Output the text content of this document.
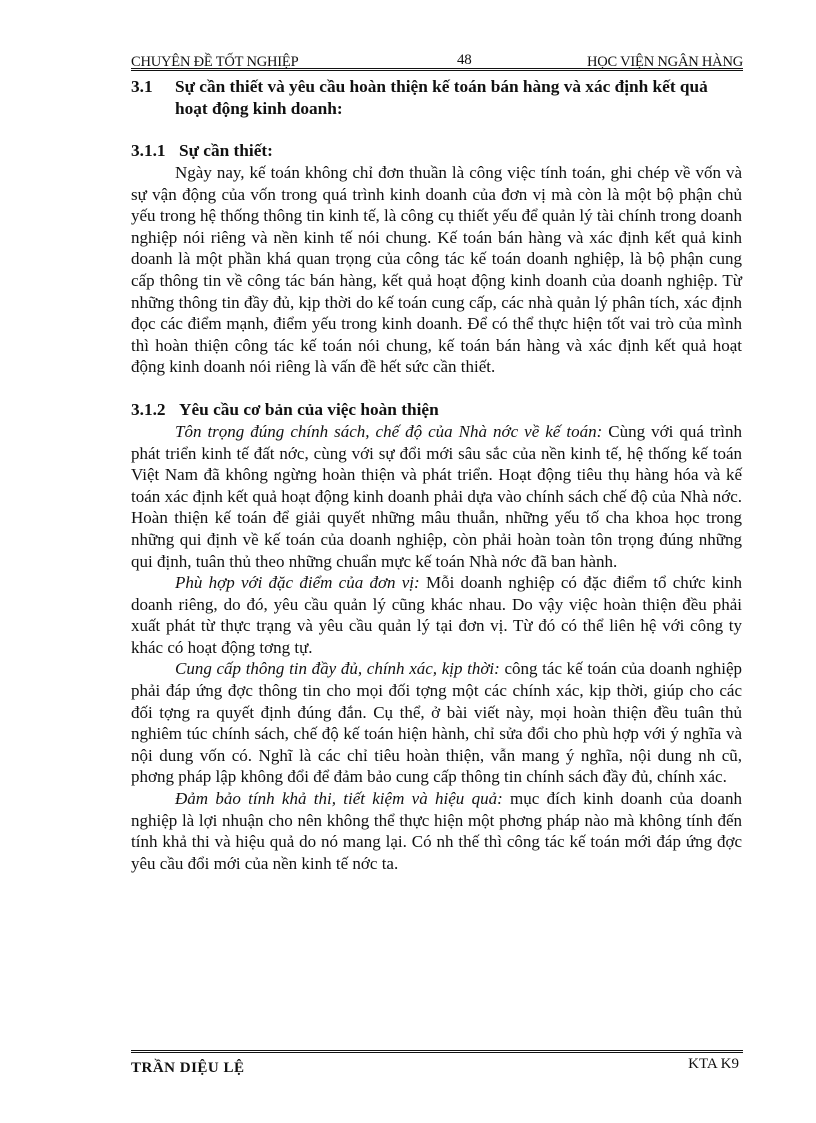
CHUYÊN ĐỀ TỐT NGHIỆP	48	HỌC VIỆN NGÂN HÀNG
3.1	Sự cần thiết và yêu cầu hoàn thiện kế toán bán hàng và xác định kết quả hoạt động kinh doanh:
3.1.1 Sự cần thiết:

Ngày nay, kế toán không chỉ đơn thuần là công việc tính toán, ghi chép về vốn và sự vận động của vốn trong quá trình kinh doanh của đơn vị mà còn là một bộ phận chủ yếu trong hệ thống thông tin kinh tế, là công cụ thiết yếu để quản lý tài chính trong doanh nghiệp nói riêng và nền kinh tế nói chung. Kế toán bán hàng và xác định kết quả kinh doanh là một phần khá quan trọng của công tác kế toán doanh nghiệp, là bộ phận cung cấp thông tin về công tác bán hàng, kết quả hoạt động kinh doanh của doanh nghiệp. Từ những thông tin đầy đủ, kịp thời do kế toán cung cấp, các nhà quản lý phân tích, xác định đọc các điểm mạnh, điểm yếu trong kinh doanh. Để có thể thực hiện tốt vai trò của mình thì hoàn thiện công tác kế toán nói chung, kế toán bán hàng và xác định kết quả hoạt động kinh doanh nói riêng là vấn đề hết sức cần thiết.

3.1.2 Yêu cầu cơ bản của việc hoàn thiện

Tôn trọng đúng chính sách, chế độ của Nhà nớc về kế toán: Cùng với quá trình phát triển kinh tế đất nớc, cùng với sự đổi mới sâu sắc của nền kinh tế, hệ thống kế toán Việt Nam đã không ngừng hoàn thiện và phát triển. Hoạt động tiêu thụ hàng hóa và kế toán xác định kết quả hoạt động kinh doanh phải dựa vào chính sách chế độ của Nhà nớc. Hoàn thiện kế toán để giải quyết những mâu thuẫn, những yếu tố cha khoa học trong những qui định về kế toán của doanh nghiệp, còn phải hoàn toàn tôn trọng đúng những qui định, tuân thủ theo những chuẩn mực kế toán Nhà nớc đã ban hành.

Phù hợp với đặc điểm của đơn vị: Mỗi doanh nghiệp có đặc điểm tổ chức kinh doanh riêng, do đó, yêu cầu quản lý cũng khác nhau. Do vậy việc hoàn thiện đều phải xuất phát từ thực trạng và yêu cầu quản lý tại đơn vị. Từ đó có thể liên hệ với công ty khác có hoạt động tơng tự.

Cung cấp thông tin đầy đủ, chính xác, kịp thời: công tác kế toán của doanh nghiệp phải đáp ứng đợc thông tin cho mọi đối tợng một các chính xác, kịp thời, giúp cho các đối tợng ra quyết định đúng đắn. Cụ thể, ở bài viết này, mọi hoàn thiện đều tuân thủ nghiêm túc chính sách, chế độ kế toán hiện hành, chỉ sửa đổi cho phù hợp với ý nghĩa và nội dung vốn có. Nghĩ là các chỉ tiêu hoàn thiện, vẫn mang ý nghĩa, nội dung nh cũ, phơng pháp lập không đổi để đảm bảo cung cấp thông tin chính sách đầy đủ, chính xác.

Đảm bảo tính khả thi, tiết kiệm và hiệu quả: mục đích kinh doanh của doanh nghiệp là lợi nhuận cho nên không thể thực hiện một phơng pháp nào mà không tính đến tính khả thi và hiệu quả do nó mang lại. Có nh thế thì công tác kế toán mới đáp ứng đợc yêu cầu đổi mới của nền kinh tế nớc ta.

TRẦN DIỆU LỆ	KTA K9
